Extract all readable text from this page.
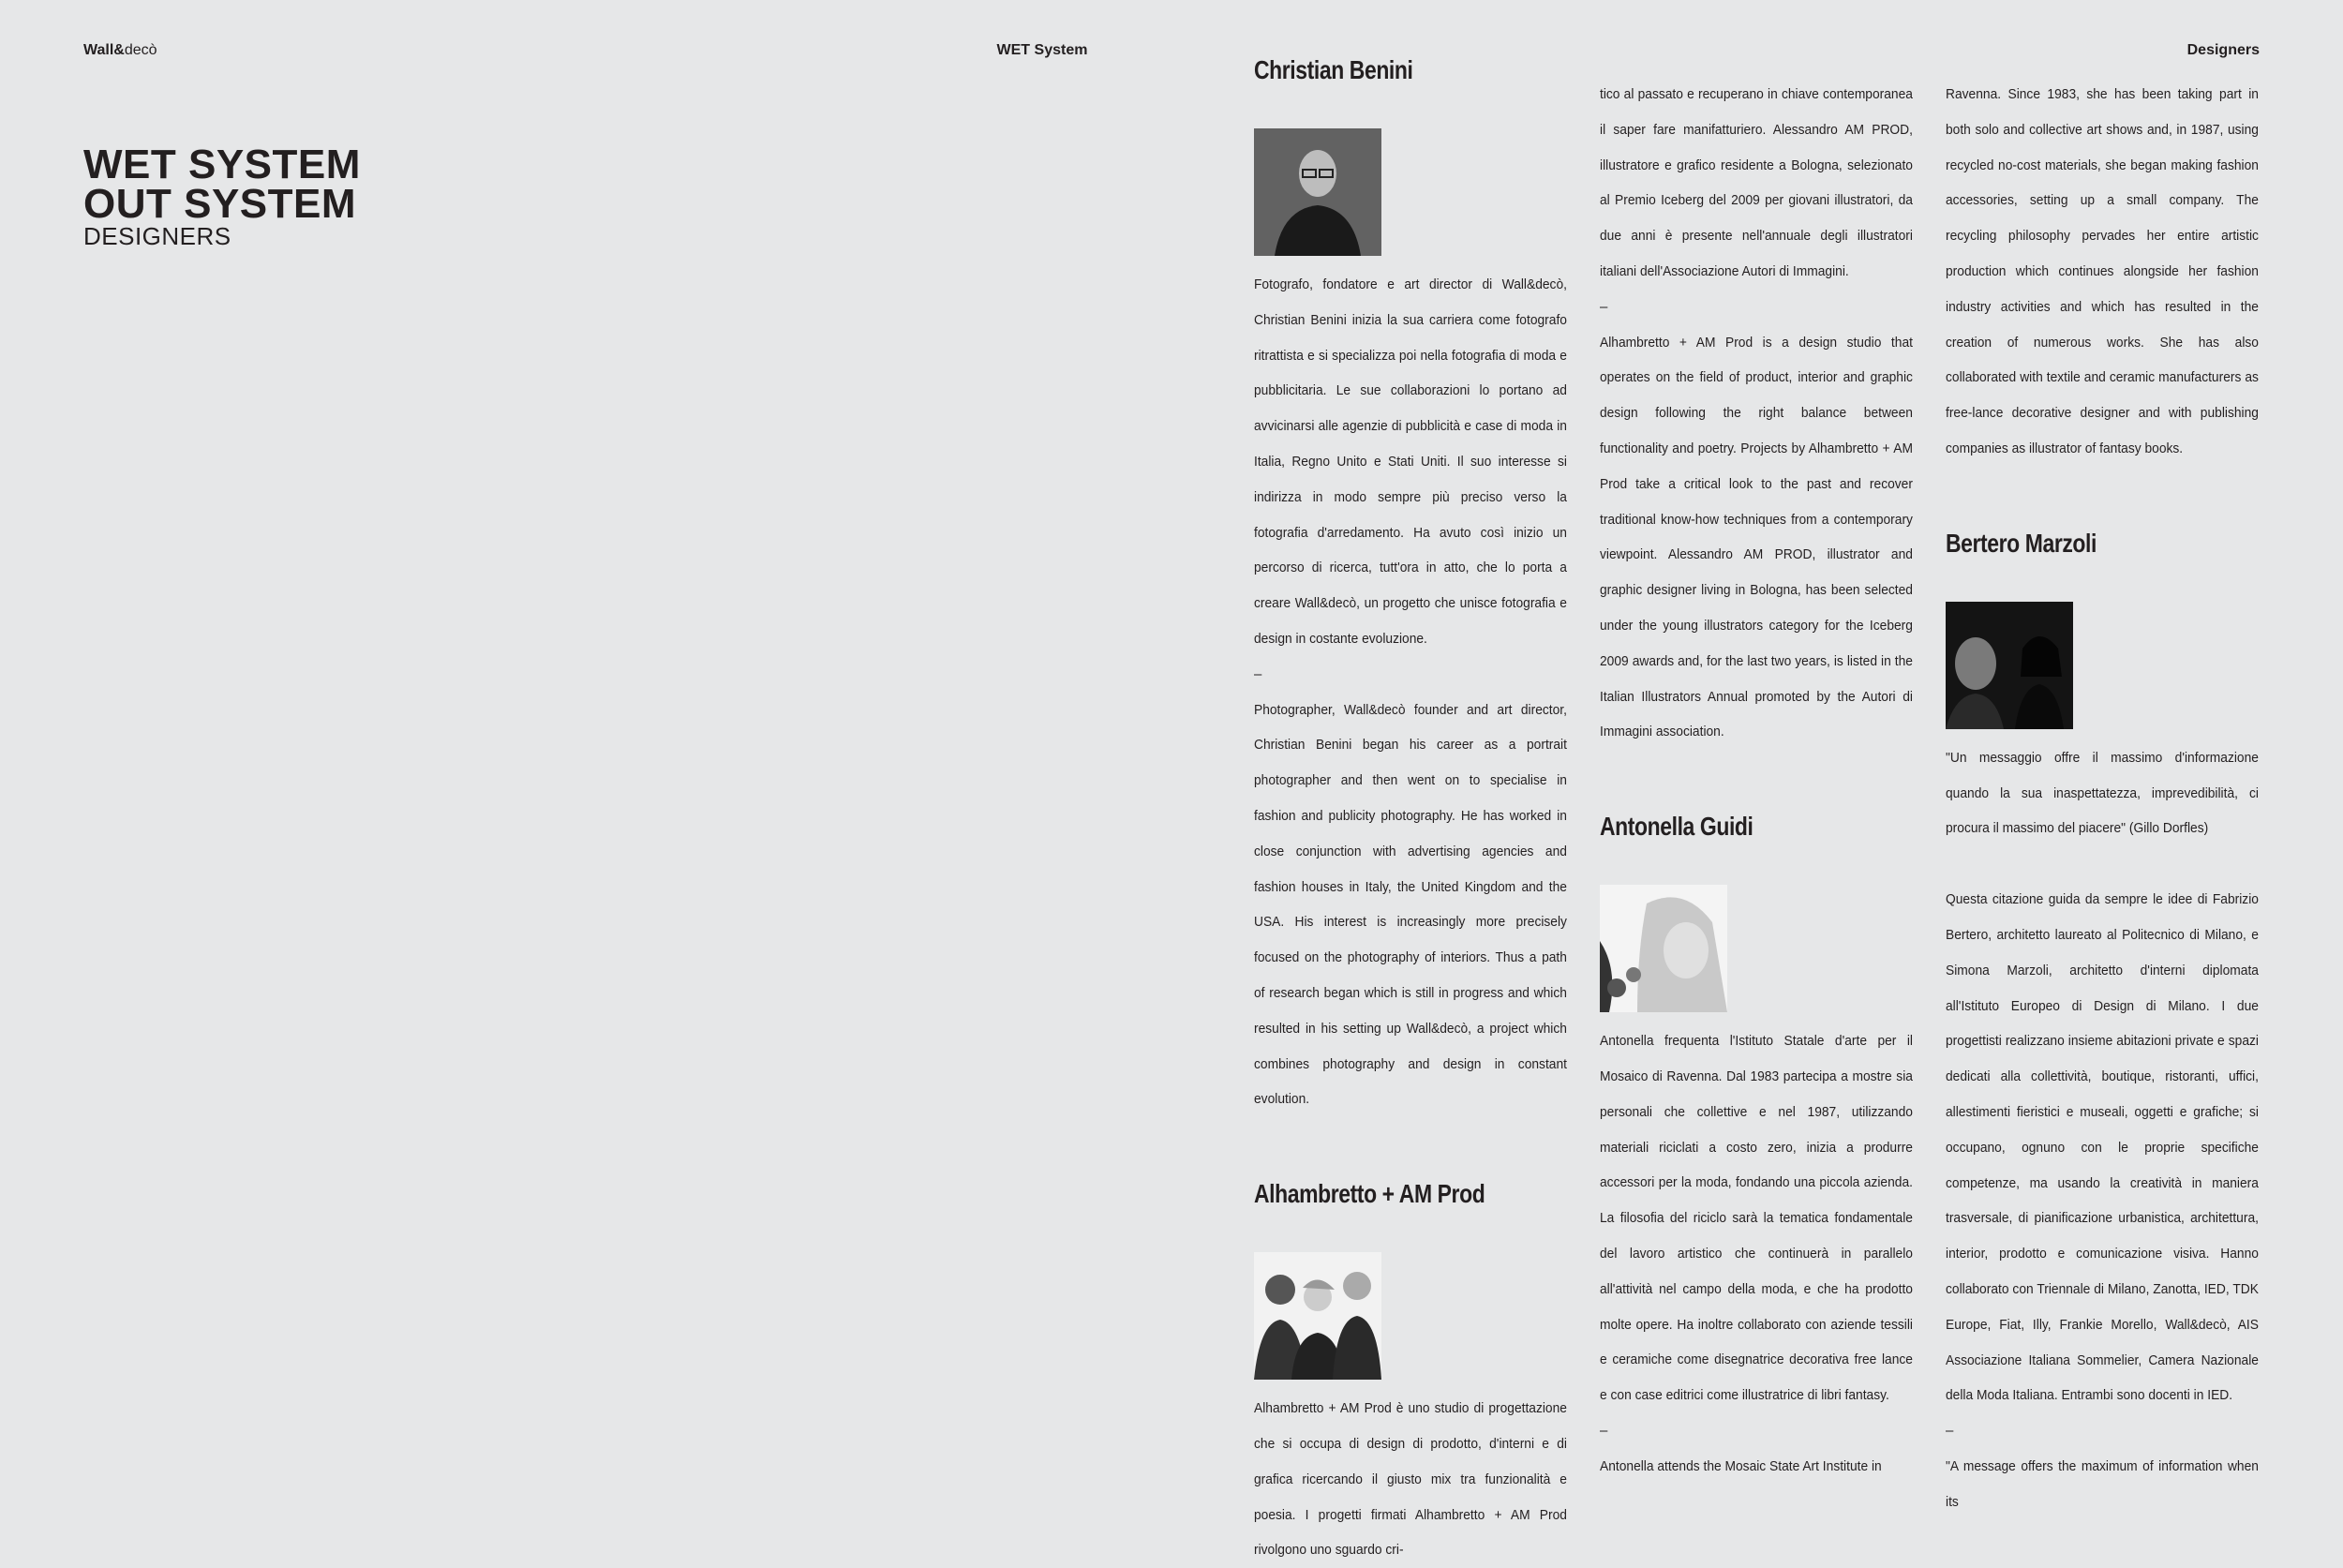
Wall&decò	WET System	Designers
WET SYSTEM
OUT SYSTEM
DESIGNERS
Christian Benini

Fotografo, fondatore e art director di Wall&decò, Christian Benini inizia la sua carriera come fotografo ritrattista e si specializza poi nella fotografia di moda e pubblicitaria. Le sue collaborazioni lo portano ad avvicinarsi alle agenzie di pubblicità e case di moda in Italia, Regno Unito e Stati Uniti. Il suo interesse si indirizza in modo sempre più preciso verso la fotografia d'arredamento. Ha avuto così inizio un percorso di ricerca, tutt'ora in atto, che lo porta a creare Wall&decò, un progetto che unisce fotografia e design in costante evoluzione.

–

Photographer, Wall&decò founder and art director, Christian Benini began his career as a portrait photographer and then went on to specialise in fashion and publicity photography. He has worked in close conjunction with advertising agencies and fashion houses in Italy, the United Kingdom and the USA. His interest is increasingly more precisely focused on the photography of interiors. Thus a path of research began which is still in progress and which resulted in his setting up Wall&decò, a project which combines photography and design in constant evolution.

Alhambretto + AM Prod

Alhambretto + AM Prod è uno studio di progettazione che si occupa di design di prodotto, d'interni e di grafica ricercando il giusto mix tra funzionalità e poesia. I progetti firmati Alhambretto + AM Prod rivolgono uno sguardo cri-

tico al passato e recuperano in chiave contemporanea il saper fare manifatturiero. Alessandro AM PROD, illustratore e grafico residente a Bologna, selezionato al Premio Iceberg del 2009 per giovani illustratori, da due anni è presente nell'annuale degli illustratori italiani dell'Associazione Autori di Immagini.

–

Alhambretto + AM Prod is a design studio that operates on the field of product, interior and graphic design following the right balance between functionality and poetry. Projects by Alhambretto + AM Prod take a critical look to the past and recover traditional know-how techniques from a contemporary viewpoint. Alessandro AM PROD, illustrator and graphic designer living in Bologna, has been selected under the young illustrators category for the Iceberg 2009 awards and, for the last two years, is listed in the Italian Illustrators Annual promoted by the Autori di Immagini association.

Antonella Guidi

Antonella frequenta l'Istituto Statale d'arte per il Mosaico di Ravenna. Dal 1983 partecipa a mostre sia personali che collettive e nel 1987, utilizzando materiali riciclati a costo zero, inizia a produrre accessori per la moda, fondando una piccola azienda. La filosofia del riciclo sarà la tematica fondamentale del lavoro artistico che continuerà in parallelo all'attività nel campo della moda, e che ha prodotto molte opere. Ha inoltre collaborato con aziende tessili e ceramiche come disegnatrice decorativa free lance e con case editrici come illustratrice di libri fantasy.

–

Antonella attends the Mosaic State Art Institute in

Ravenna. Since 1983, she has been taking part in both solo and collective art shows and, in 1987, using recycled no-cost materials, she began making fashion accessories, setting up a small company. The recycling philosophy pervades her entire artistic production which continues alongside her fashion industry activities and which has resulted in the creation of numerous works. She has also collaborated with textile and ceramic manufacturers as free-lance decorative designer and with publishing companies as illustrator of fantasy books.

Bertero Marzoli

"Un messaggio offre il massimo d'informazione quando la sua inaspettatezza, imprevedibilità, ci procura il massimo del piacere" (Gillo Dorfles)

Questa citazione guida da sempre le idee di Fabrizio Bertero, architetto laureato al Politecnico di Milano, e Simona Marzoli, architetto d'interni diplomata all'Istituto Europeo di Design di Milano. I due progettisti realizzano insieme abitazioni private e spazi dedicati alla collettività, boutique, ristoranti, uffici, allestimenti fieristici e museali, oggetti e grafiche; si occupano, ognuno con le proprie specifiche competenze, ma usando la creatività in maniera trasversale, di pianificazione urbanistica, architettura, interior, prodotto e comunicazione visiva. Hanno collaborato con Triennale di Milano, Zanotta, IED, TDK Europe, Fiat, Illy, Frankie Morello, Wall&decò, AIS Associazione Italiana Sommelier, Camera Nazionale della Moda Italiana. Entrambi sono docenti in IED.

–

"A message offers the maximum of information when its
